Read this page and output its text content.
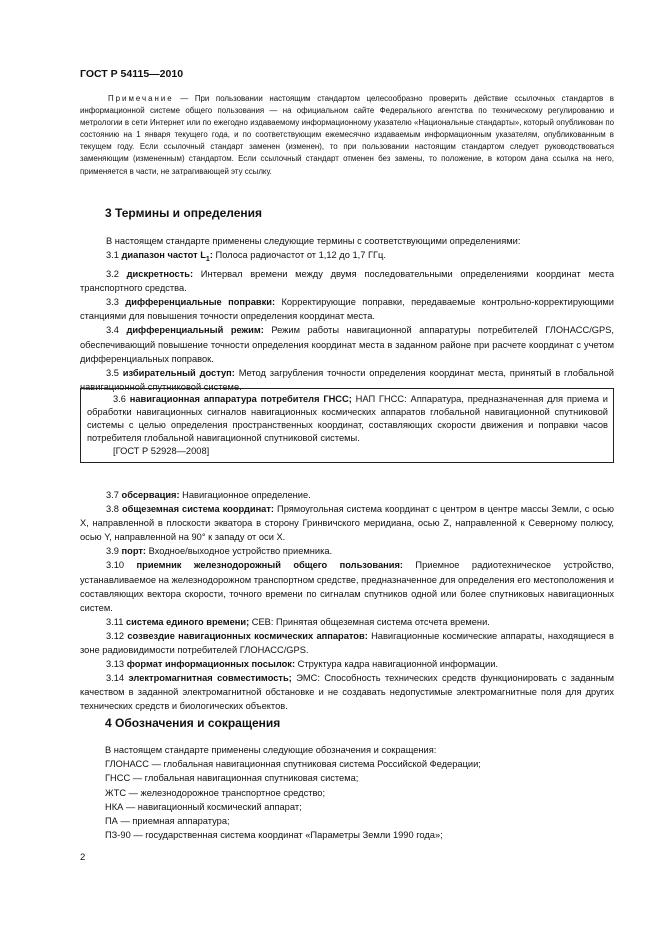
ГОСТ Р 54115—2010

Примечание — При пользовании настоящим стандартом целесообразно проверить действие ссылочных стандартов в информационной системе общего пользования — на официальном сайте Федерального агентства по техническому регулированию и метрологии в сети Интернет или по ежегодно издаваемому информационному указателю «Национальные стандарты», который опубликован по состоянию на 1 января текущего года, и по соответствующим ежемесячно издаваемым информационным указателям, опубликованным в текущем году. Если ссылочный стандарт заменен (изменен), то при пользовании настоящим стандартом следует руководствоваться заменяющим (измененным) стандартом. Если ссылочный стандарт отменен без замены, то положение, в котором дана ссылка на него, применяется в части, не затрагивающей эту ссылку.

3 Термины и определения

В настоящем стандарте применены следующие термины с соответствующими определениями:

3.1 диапазон частот $L_1$: Полоса радиочастот от 1,12 до 1,7 ГГц.

3.2 дискретность: Интервал времени между двумя последовательными определениями координат места транспортного средства.

3.3 дифференциальные поправки: Корректирующие поправки, передаваемые контрольно-корректирующими станциями для повышения точности определения координат места.

3.4 дифференциальный режим: Режим работы навигационной аппаратуры потребителей ГЛОНАСС/GPS, обеспечивающий повышение точности определения координат места в заданном районе при расчете координат с учетом дифференциальных поправок.

3.5 избирательный доступ: Метод загрубления точности определения координат места, принятый в глобальной навигационной спутниковой системе.

3.6 навигационная аппаратура потребителя ГНСС; НАП ГНСС: Аппаратура, предназначенная для приема и обработки навигационных сигналов навигационных космических аппаратов глобальной навигационной спутниковой системы с целью определения пространственных координат, составляющих скорости движения и поправки часов потребителя глобальной навигационной спутниковой системы.

[ГОСТ Р 52928—2008]

3.7 обсервация: Навигационное определение.

3.8 общеземная система координат: Прямоугольная система координат с центром в центре массы Земли, с осью X, направленной в плоскости экватора в сторону Гринвичского меридиана, осью Z, направленной к Северному полюсу, осью Y, направленной на 90° к западу от оси X.

3.9 порт: Входное/выходное устройство приемника.

3.10 приемник железнодорожный общего пользования: Приемное радиотехническое устройство, устанавливаемое на железнодорожном транспортном средстве, предназначенное для определения его местоположения и составляющих вектора скорости, точного времени по сигналам спутников одной или более спутниковых навигационных систем.

3.11 система единого времени; СЕВ: Принятая общеземная система отсчета времени.

3.12 созвездие навигационных космических аппаратов: Навигационные космические аппараты, находящиеся в зоне радиовидимости потребителей ГЛОНАСС/GPS.

3.13 формат информационных посылок: Структура кадра навигационной информации.

3.14 электромагнитная совместимость; ЭМС: Способность технических средств функционировать с заданным качеством в заданной электромагнитной обстановке и не создавать недопустимые электромагнитные поля для других технических средств и биологических объектов.

4 Обозначения и сокращения
В настоящем стандарте применены следующие обозначения и сокращения:
ГЛОНАСС — глобальная навигационная спутниковая система Российской Федерации;
ГНСС — глобальная навигационная спутниковая система;
ЖТС — железнодорожное транспортное средство;
НКА — навигационный космический аппарат;
ПА — приемная аппаратура;
ПЗ-90 — государственная система координат «Параметры Земли 1990 года»;
2
